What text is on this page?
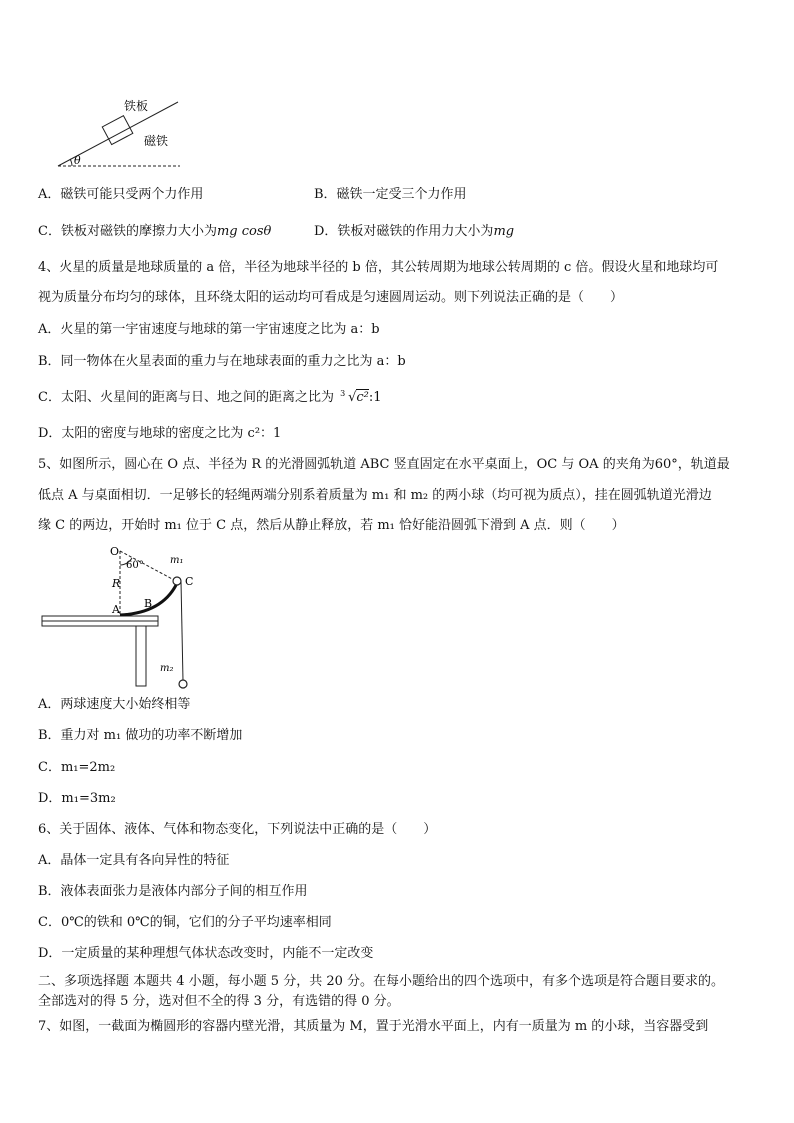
θ
铁板
磁铁
A．磁铁可能只受两个力作用	B．磁铁一定受三个力作用
C．铁板对磁铁的摩擦力大小为mg cosθ	D．铁板对磁铁的作用力大小为mg
4、火星的质量是地球质量的 a 倍，半径为地球半径的 b 倍，其公转周期为地球公转周期的 c 倍。假设火星和地球均可
视为质量分布均匀的球体，且环绕太阳的运动均可看成是匀速圆周运动。则下列说法正确的是（　　）
A．火星的第一宇宙速度与地球的第一宇宙速度之比为 a：b
B．同一物体在火星表面的重力与在地球表面的重力之比为 a：b
C．太阳、火星间的距离与日、地之间的距离之比为 3 √c²:1
D．太阳的密度与地球的密度之比为 c²：1
5、如图所示，圆心在 O 点、半径为 R 的光滑圆弧轨道 ABC 竖直固定在水平桌面上，OC 与 OA 的夹角为60°，轨道最
低点 A 与桌面相切．一足够长的轻绳两端分别系着质量为 m₁ 和 m₂ 的两小球（均可视为质点），挂在圆弧轨道光滑边
缘 C 的两边，开始时 m₁ 位于 C 点，然后从静止释放，若 m₁ 恰好能沿圆弧下滑到 A 点．则（　　）
O
60°	m₁
C
R
B
A
m₂
A．两球速度大小始终相等
B．重力对 m₁ 做功的功率不断增加
C．m₁=2m₂
D．m₁=3m₂
6、关于固体、液体、气体和物态变化，下列说法中正确的是（　　）
A．晶体一定具有各向异性的特征
B．液体表面张力是液体内部分子间的相互作用
C．0℃的铁和 0℃的铜，它们的分子平均速率相同
D．一定质量的某种理想气体状态改变时，内能不一定改变
二、多项选择题 本题共 4 小题，每小题 5 分，共 20 分。在每小题给出的四个选项中，有多个选项是符合题目要求的。
全部选对的得 5 分，选对但不全的得 3 分，有选错的得 0 分。
7、如图，一截面为椭圆形的容器内壁光滑，其质量为 M，置于光滑水平面上，内有一质量为 m 的小球，当容器受到
